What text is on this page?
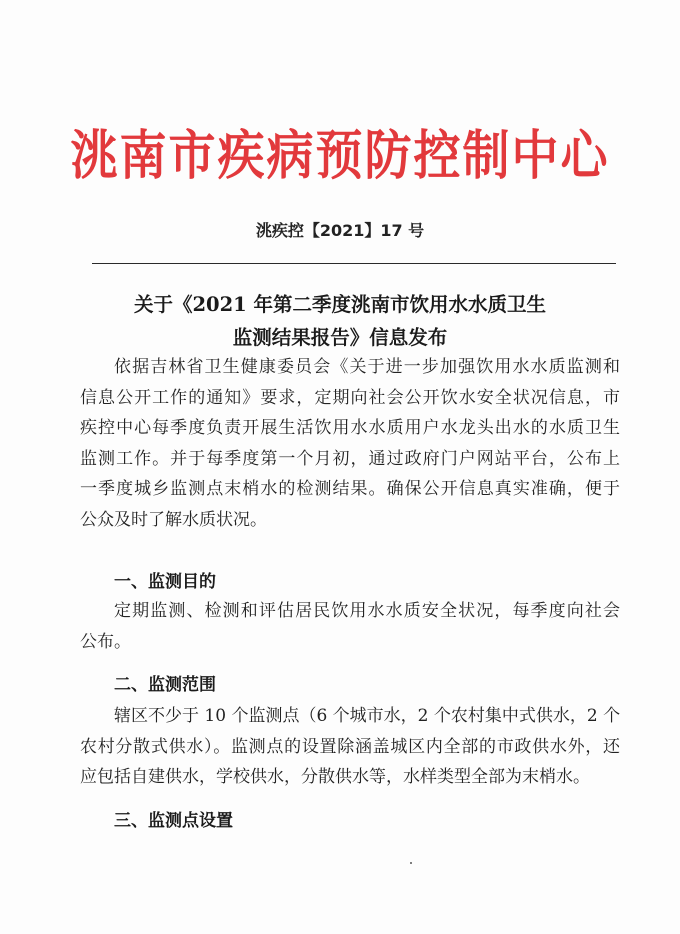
洮南市疾病预防控制中心
洮疾控【2021】17 号
关于《2021 年第二季度洮南市饮用水水质卫生
监测结果报告》信息发布
依据吉林省卫生健康委员会《关于进一步加强饮用水水质监测和
信息公开工作的通知》要求，定期向社会公开饮水安全状况信息，市
疾控中心每季度负责开展生活饮用水水质用户水龙头出水的水质卫生
监测工作。并于每季度第一个月初，通过政府门户网站平台，公布上
一季度城乡监测点末梢水的检测结果。确保公开信息真实准确，便于
公众及时了解水质状况。
一、监测目的
定期监测、检测和评估居民饮用水水质安全状况，每季度向社会
公布。
二、监测范围
辖区不少于 10 个监测点（6 个城市水，2 个农村集中式供水，2 个
农村分散式供水）。监测点的设置除涵盖城区内全部的市政供水外，还
应包括自建供水，学校供水，分散供水等，水样类型全部为末梢水。
三、监测点设置
